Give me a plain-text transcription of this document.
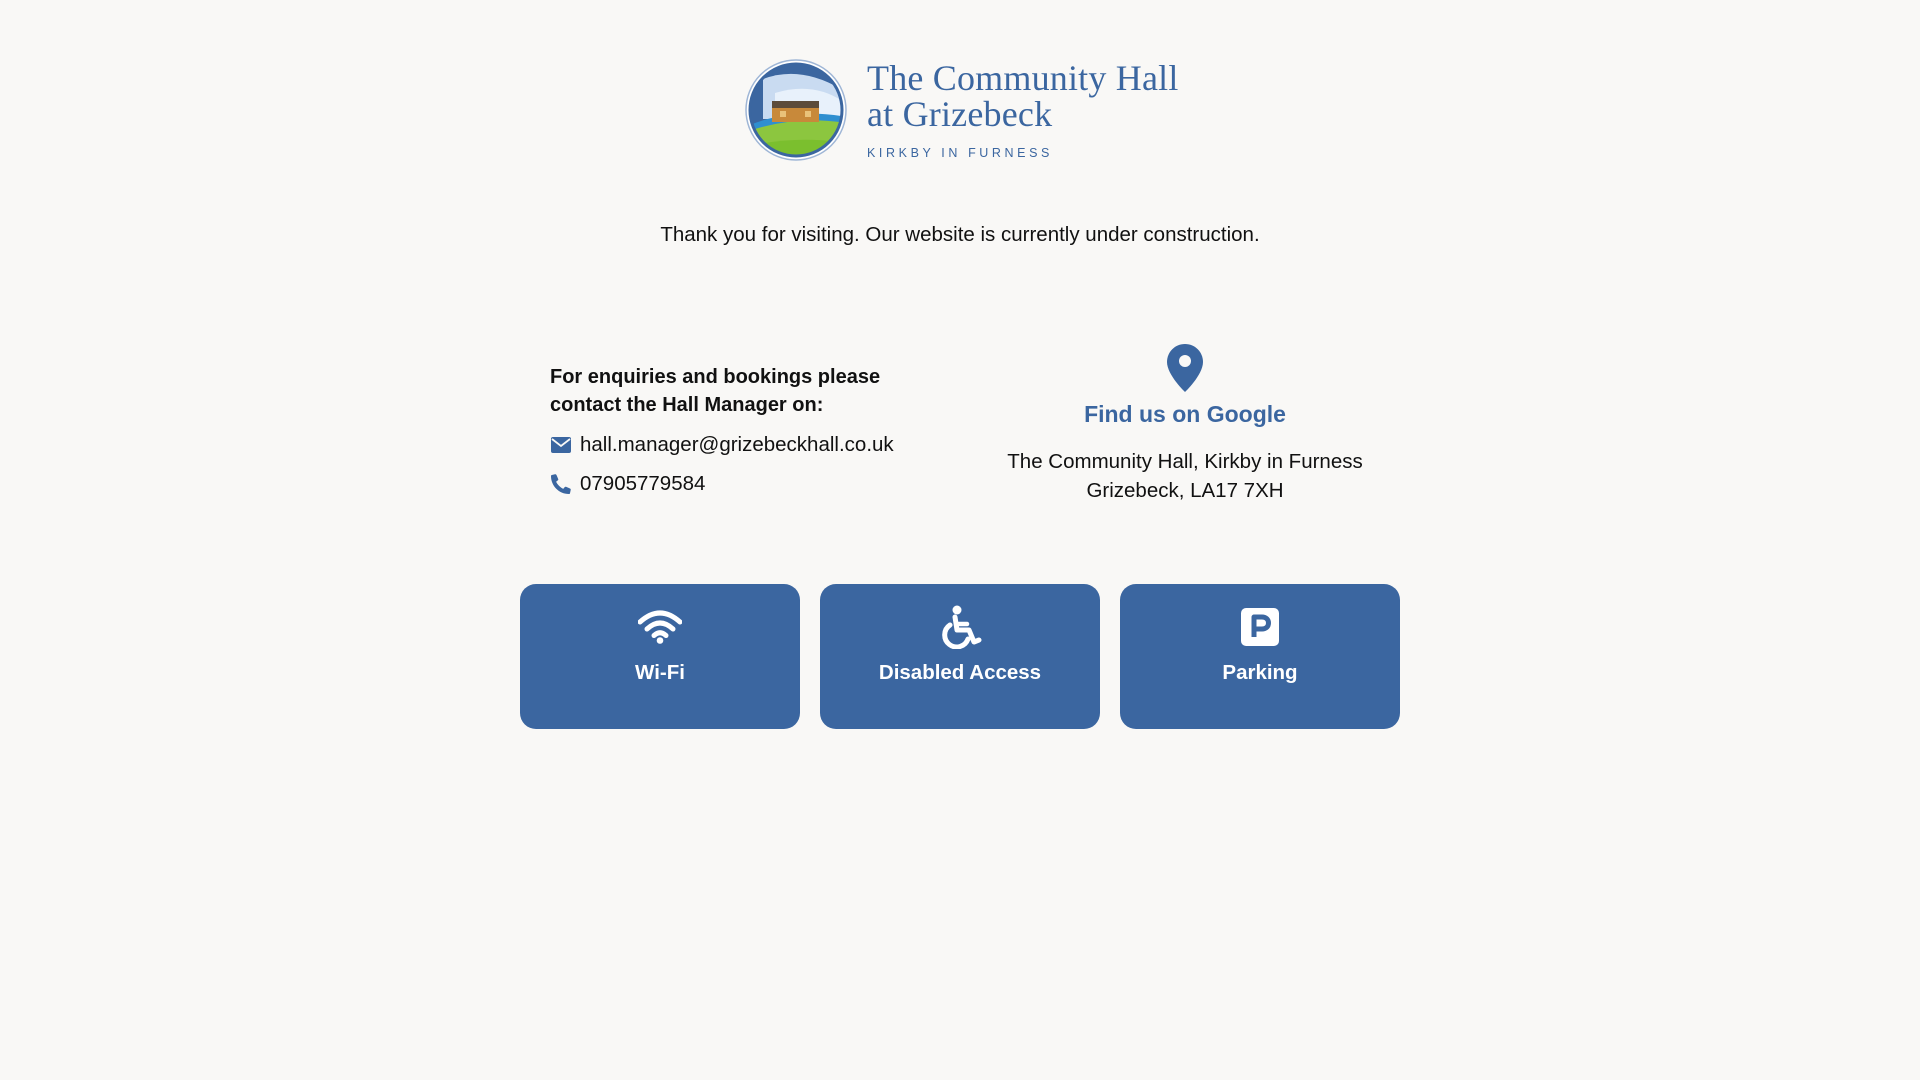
The Community Hall
at Grizebeck
KIRKBY IN FURNESS
Thank you for visiting. Our website is currently under construction.
For enquiries and bookings please
contact the Hall Manager on:
hall.manager@grizebeckhall.co.uk
07905779584
Find us on Google
The Community Hall, Kirkby in Furness
Grizebeck, LA17 7XH
Wi-Fi	Disabled Access	Parking
